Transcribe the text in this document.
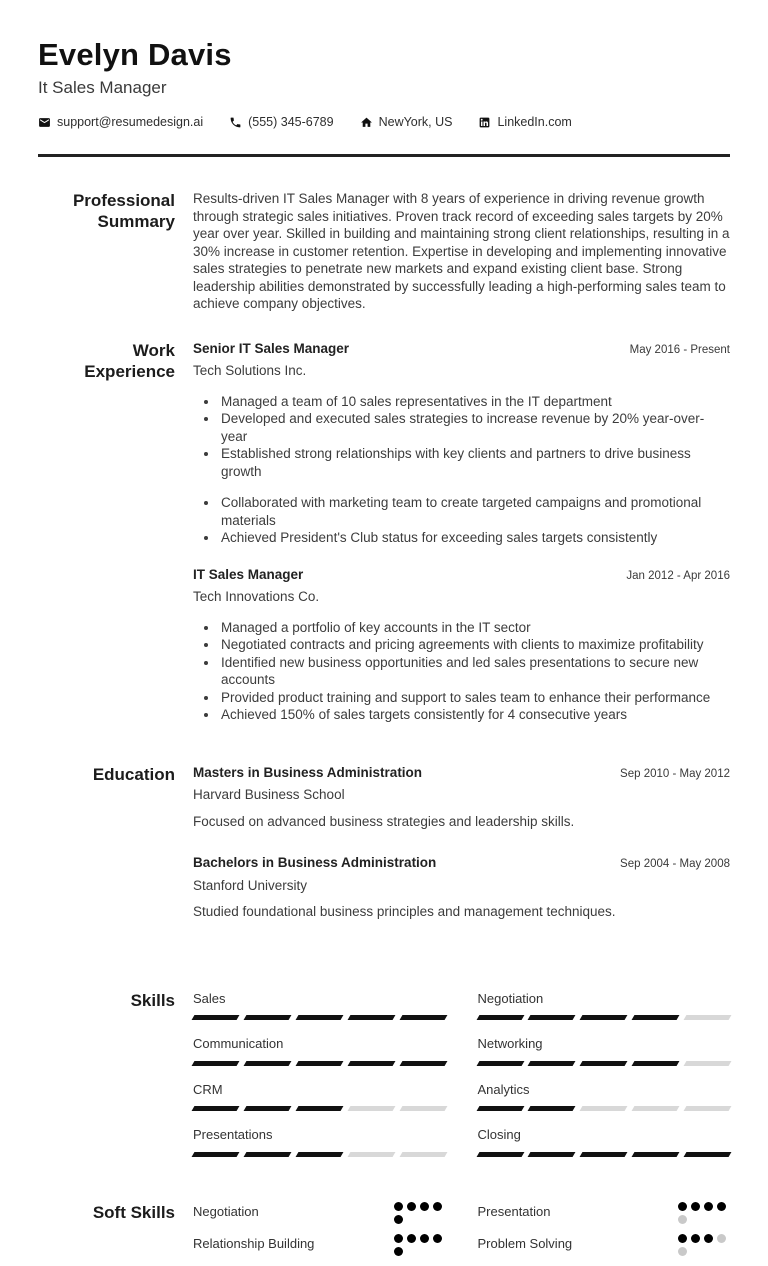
Evelyn Davis
It Sales Manager
support@resumedesign.ai	(555) 345-6789	NewYork, US	LinkedIn.com
Professional Summary

Results-driven IT Sales Manager with 8 years of experience in driving revenue growth through strategic sales initiatives. Proven track record of exceeding sales targets by 20% year over year. Skilled in building and maintaining strong client relationships, resulting in a 30% increase in customer retention. Expertise in developing and implementing innovative sales strategies to penetrate new markets and expand existing client base. Strong leadership abilities demonstrated by successfully leading a high-performing sales team to achieve company objectives.

Work Experience
Senior IT Sales Manager	May 2016 - Present
Tech Solutions Inc.
• Managed a team of 10 sales representatives in the IT department
• Developed and executed sales strategies to increase revenue by 20% year-over-year
• Established strong relationships with key clients and partners to drive business growth
• Collaborated with marketing team to create targeted campaigns and promotional materials
• Achieved President's Club status for exceeding sales targets consistently
IT Sales Manager	Jan 2012 - Apr 2016
Tech Innovations Co.
• Managed a portfolio of key accounts in the IT sector
• Negotiated contracts and pricing agreements with clients to maximize profitability
• Identified new business opportunities and led sales presentations to secure new accounts
• Provided product training and support to sales team to enhance their performance
• Achieved 150% of sales targets consistently for 4 consecutive years
Education Masters in Business Administration	Sep 2010 - May 2012
Harvard Business School
Focused on advanced business strategies and leadership skills.
Bachelors in Business Administration	Sep 2004 - May 2008
Stanford University
Studied foundational business principles and management techniques.
Skills Sales	Negotiation
Communication	Networking
CRM	Analytics
Presentations	Closing
Soft Skills Negotiation	Presentation
Relationship Building	Problem Solving
